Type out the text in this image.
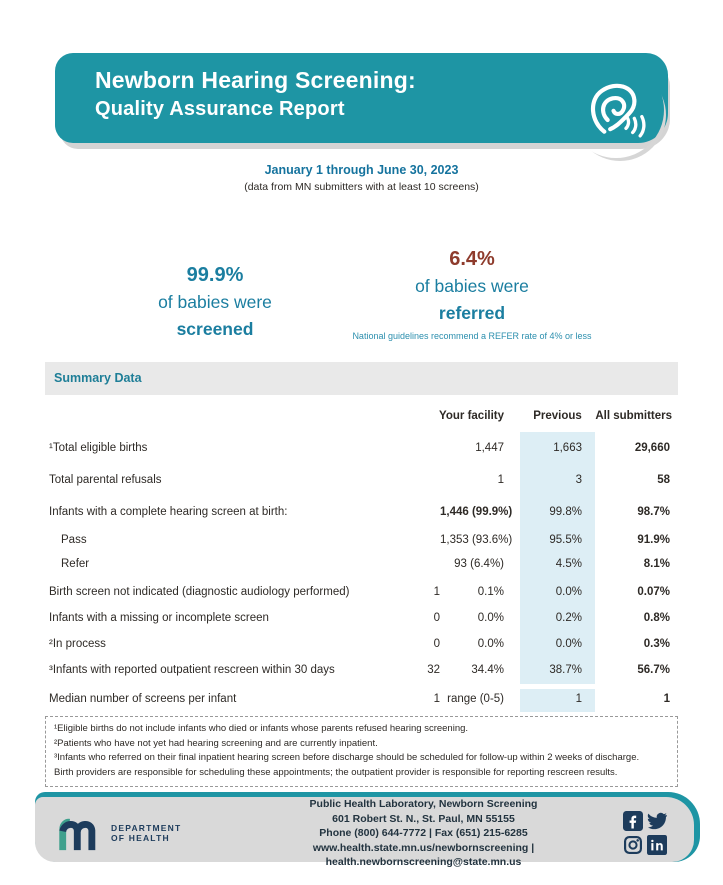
Newborn Hearing Screening:
Quality Assurance Report
January 1 through June 30, 2023
(data from MN submitters with at least 10 screens)
99.9%
of babies were
screened
6.4%
of babies were
referred
National guidelines recommend a REFER rate of 4% or less
Summary Data
Your facility	Previous	All submitters
¹Total eligible births	1,447	1,663	29,660
Total parental refusals	1	3	58
Infants with a complete hearing screen at birth:	1,446 (99.9%)	99.8%	98.7%
Pass	1,353 (93.6%)	95.5%	91.9%
Refer	93 (6.4%)	4.5%	8.1%
Birth screen not indicated (diagnostic audiology performed)	1	0.1%	0.0%	0.07%
Infants with a missing or incomplete screen	0	0.0%	0.2%	0.8%
²In process	0	0.0%	0.0%	0.3%
³Infants with reported outpatient rescreen within 30 days	32	34.4%	38.7%	56.7%
Median number of screens per infant	1 range (0-5)	1	1
¹Eligible births do not include infants who died or infants whose parents refused hearing screening.
²Patients who have not yet had hearing screening and are currently inpatient.
³Infants who referred on their final inpatient hearing screen before discharge should be scheduled for follow-up within 2 weeks of discharge.
Birth providers are responsible for scheduling these appointments; the outpatient provider is responsible for reporting rescreen results.
DEPARTMENT
OF HEALTH
Public Health Laboratory, Newborn Screening
601 Robert St. N., St. Paul, MN 55155
Phone (800) 644-7772 | Fax (651) 215-6285
www.health.state.mn.us/newbornscreening | health.newbornscreening@state.mn.us
